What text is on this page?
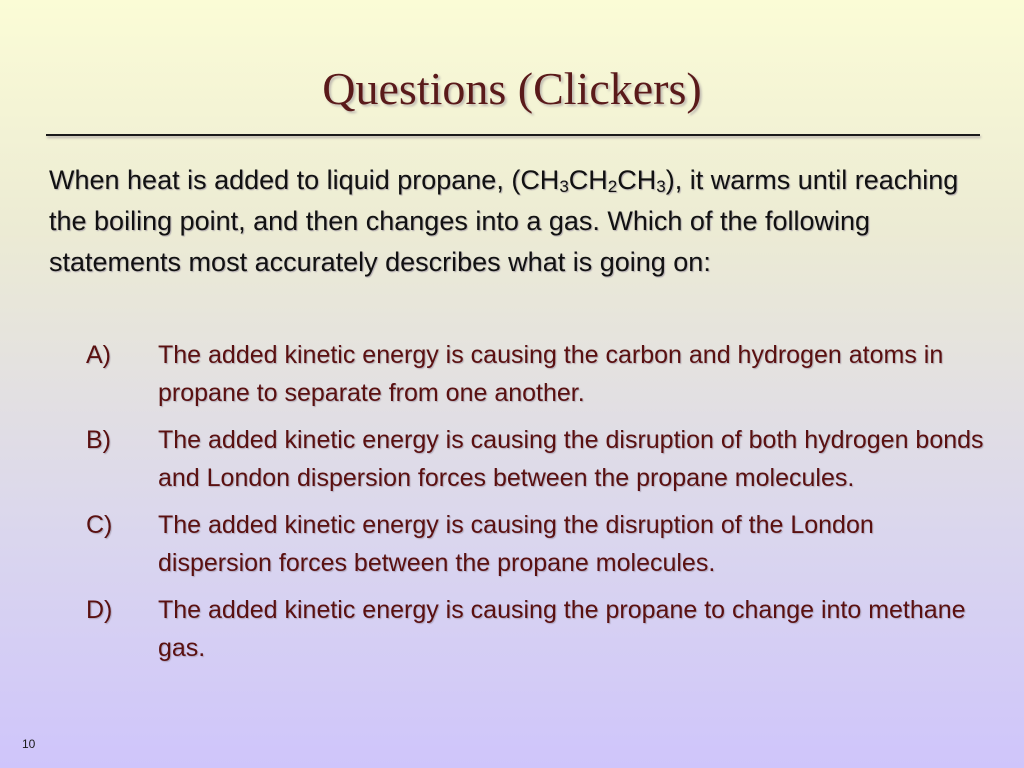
Questions (Clickers)

When heat is added to liquid propane, $(CH_3CH_2CH_3)$, it warms until reaching the boiling point, and then changes into a gas. Which of the following statements most accurately describes what is going on:

A)	The added kinetic energy is causing the carbon and hydrogen atoms in propane to separate from one another.
B)	The added kinetic energy is causing the disruption of both hydrogen bonds and London dispersion forces between the propane molecules.
C)	The added kinetic energy is causing the disruption of the London dispersion forces between the propane molecules.
D)	The added kinetic energy is causing the propane to change into methane gas.
10
